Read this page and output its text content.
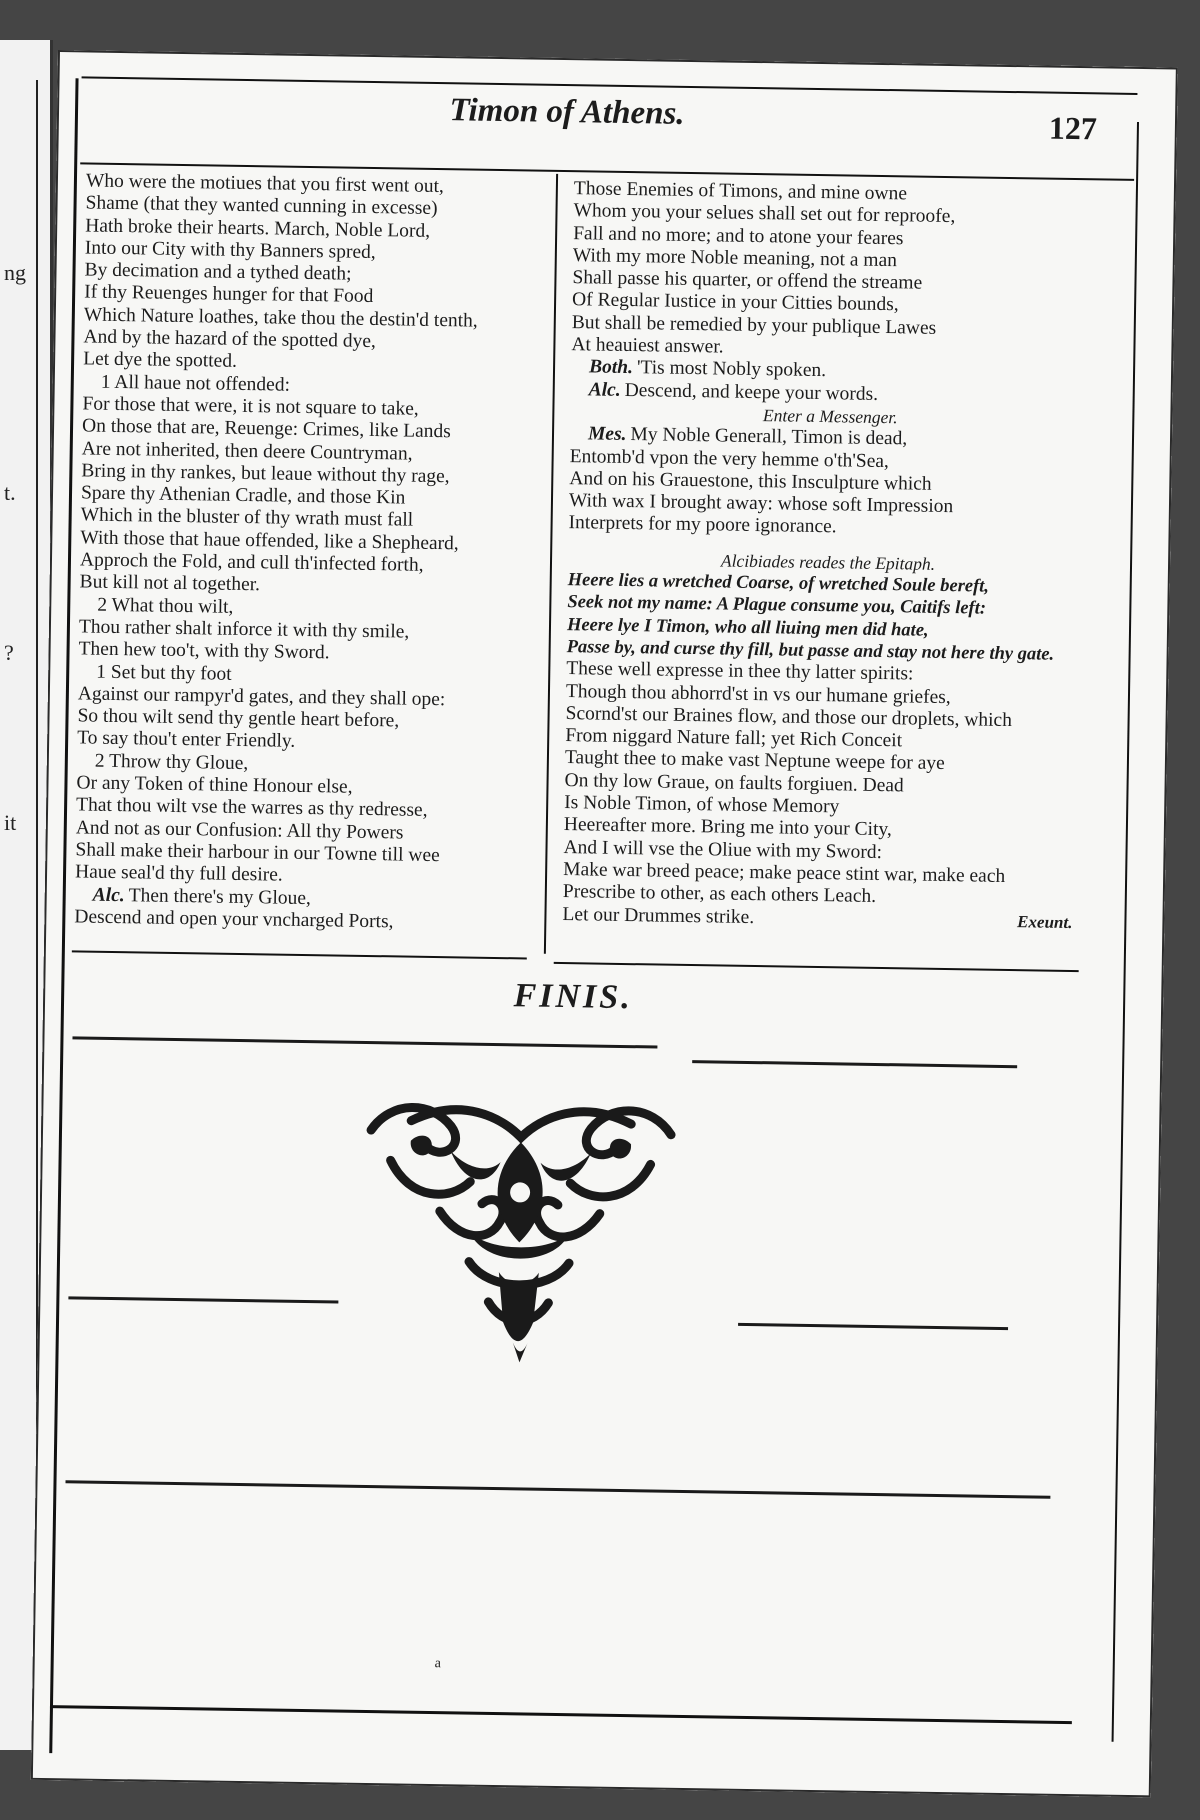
ng
t.
?
it
Timon of Athens.	127
Who were the motiues that you first went out,
Shame (that they wanted cunning in excesse)
Hath broke their hearts. March, Noble Lord,
Into our City with thy Banners spred,
By decimation and a tythed death;
If thy Reuenges hunger for that Food
Which Nature loathes, take thou the destin'd tenth,
And by the hazard of the spotted dye,
Let dye the spotted.
1 All haue not offended:
For those that were, it is not square to take,
On those that are, Reuenge: Crimes, like Lands
Are not inherited, then deere Countryman,
Bring in thy rankes, but leaue without thy rage,
Spare thy Athenian Cradle, and those Kin
Which in the bluster of thy wrath must fall
With those that haue offended, like a Shepheard,
Approch the Fold, and cull th'infected forth,
But kill not al together.
2 What thou wilt,
Thou rather shalt inforce it with thy smile,
Then hew too't, with thy Sword.
1 Set but thy foot
Against our rampyr'd gates, and they shall ope:
So thou wilt send thy gentle heart before,
To say thou't enter Friendly.
2 Throw thy Gloue,
Or any Token of thine Honour else,
That thou wilt vse the warres as thy redresse,
And not as our Confusion: All thy Powers
Shall make their harbour in our Towne till wee
Haue seal'd thy full desire.
Alc. Then there's my Gloue,
Descend and open your vncharged Ports,
Those Enemies of Timons, and mine owne
Whom you your selues shall set out for reproofe,
Fall and no more; and to atone your feares
With my more Noble meaning, not a man
Shall passe his quarter, or offend the streame
Of Regular Iustice in your Citties bounds,
But shall be remedied by your publique Lawes
At heauiest answer.
Both. 'Tis most Nobly spoken.
Alc. Descend, and keepe your words.
Enter a Messenger.
Mes. My Noble Generall, Timon is dead,
Entomb'd vpon the very hemme o'th'Sea,
And on his Grauestone, this Insculpture which
With wax I brought away: whose soft Impression
Interprets for my poore ignorance.

Alcibiades reades the Epitaph.
Heere lies a wretched Coarse, of wretched Soule bereft,
Seek not my name: A Plague consume you, Caitifs left:
Heere lye I Timon, who all liuing men did hate,
Passe by, and curse thy fill, but passe and stay not here thy gate.
These well expresse in thee thy latter spirits:
Though thou abhorrd'st in vs our humane griefes,
Scornd'st our Braines flow, and those our droplets, which
From niggard Nature fall; yet Rich Conceit
Taught thee to make vast Neptune weepe for aye
On thy low Graue, on faults forgiuen. Dead
Is Noble Timon, of whose Memory
Heereafter more. Bring me into your City,
And I will vse the Oliue with my Sword:
Make war breed peace; make peace stint war, make each
Prescribe to other, as each others Leach.
Let our Drummes strike.	Exeunt.
FINIS.
a
